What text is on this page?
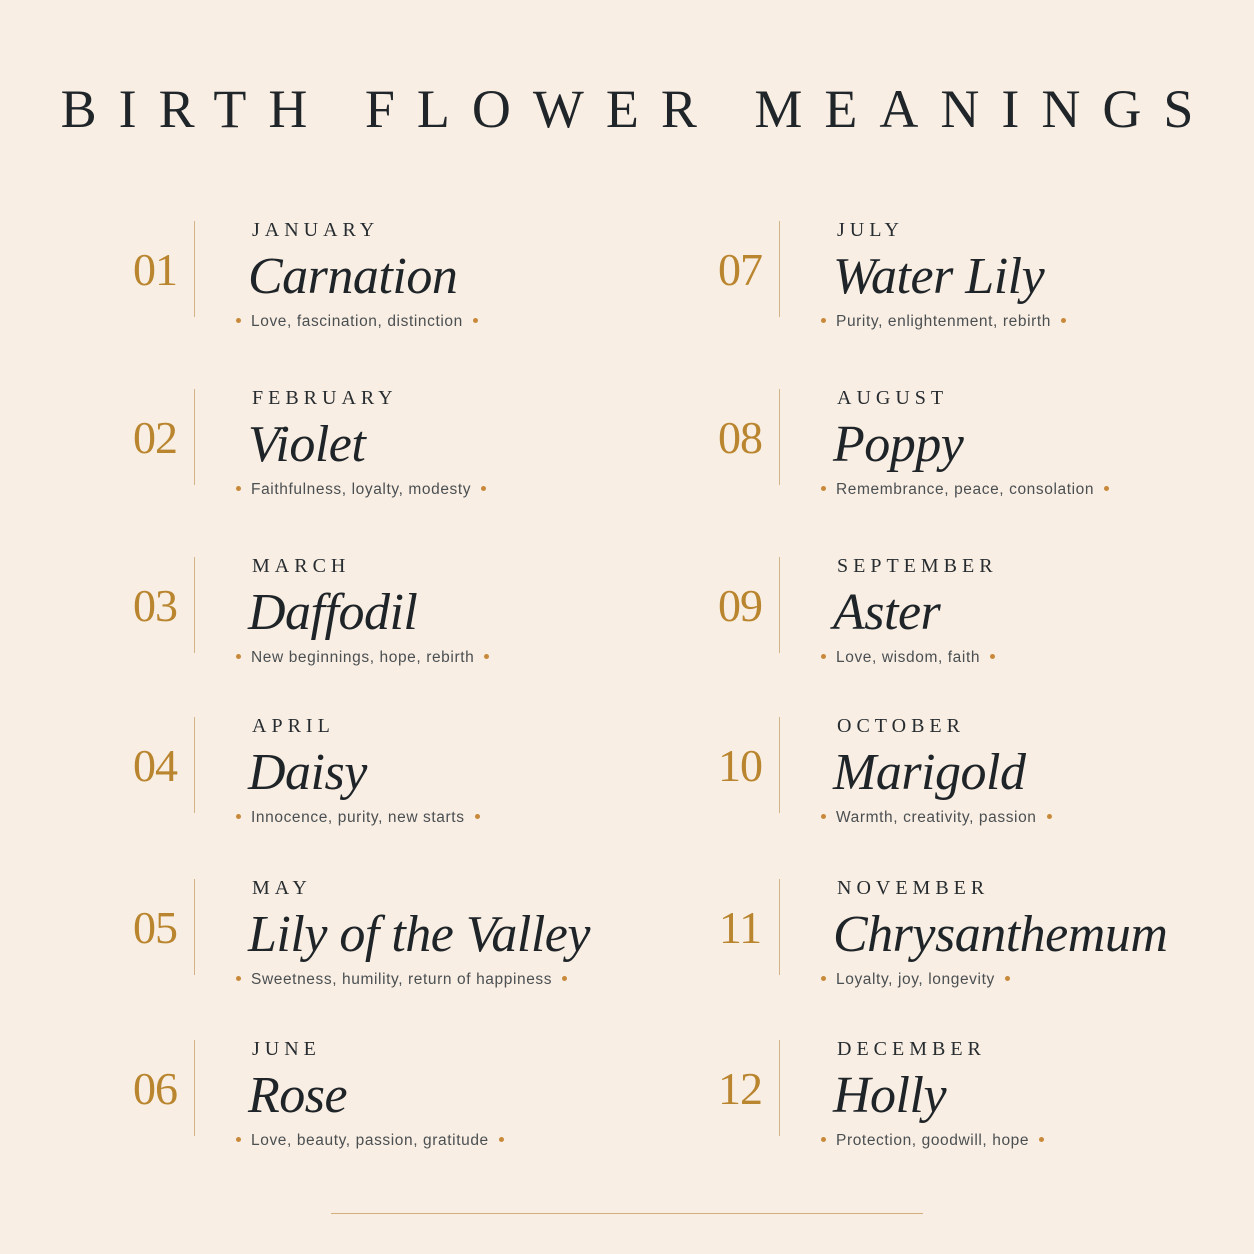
BIRTH FLOWER MEANINGS
01
JANUARY
Carnation
Love, fascination, distinction
02
FEBRUARY
Violet
Faithfulness, loyalty, modesty
03
MARCH
Daffodil
New beginnings, hope, rebirth
04
APRIL
Daisy
Innocence, purity, new starts
05
MAY
Lily of the Valley
Sweetness, humility, return of happiness
06
JUNE
Rose
Love, beauty, passion, gratitude
07
JULY
Water Lily
Purity, enlightenment, rebirth
08
AUGUST
Poppy
Remembrance, peace, consolation
09
SEPTEMBER
Aster
Love, wisdom, faith
10
OCTOBER
Marigold
Warmth, creativity, passion
11
NOVEMBER
Chrysanthemum
Loyalty, joy, longevity
12
DECEMBER
Holly
Protection, goodwill, hope
